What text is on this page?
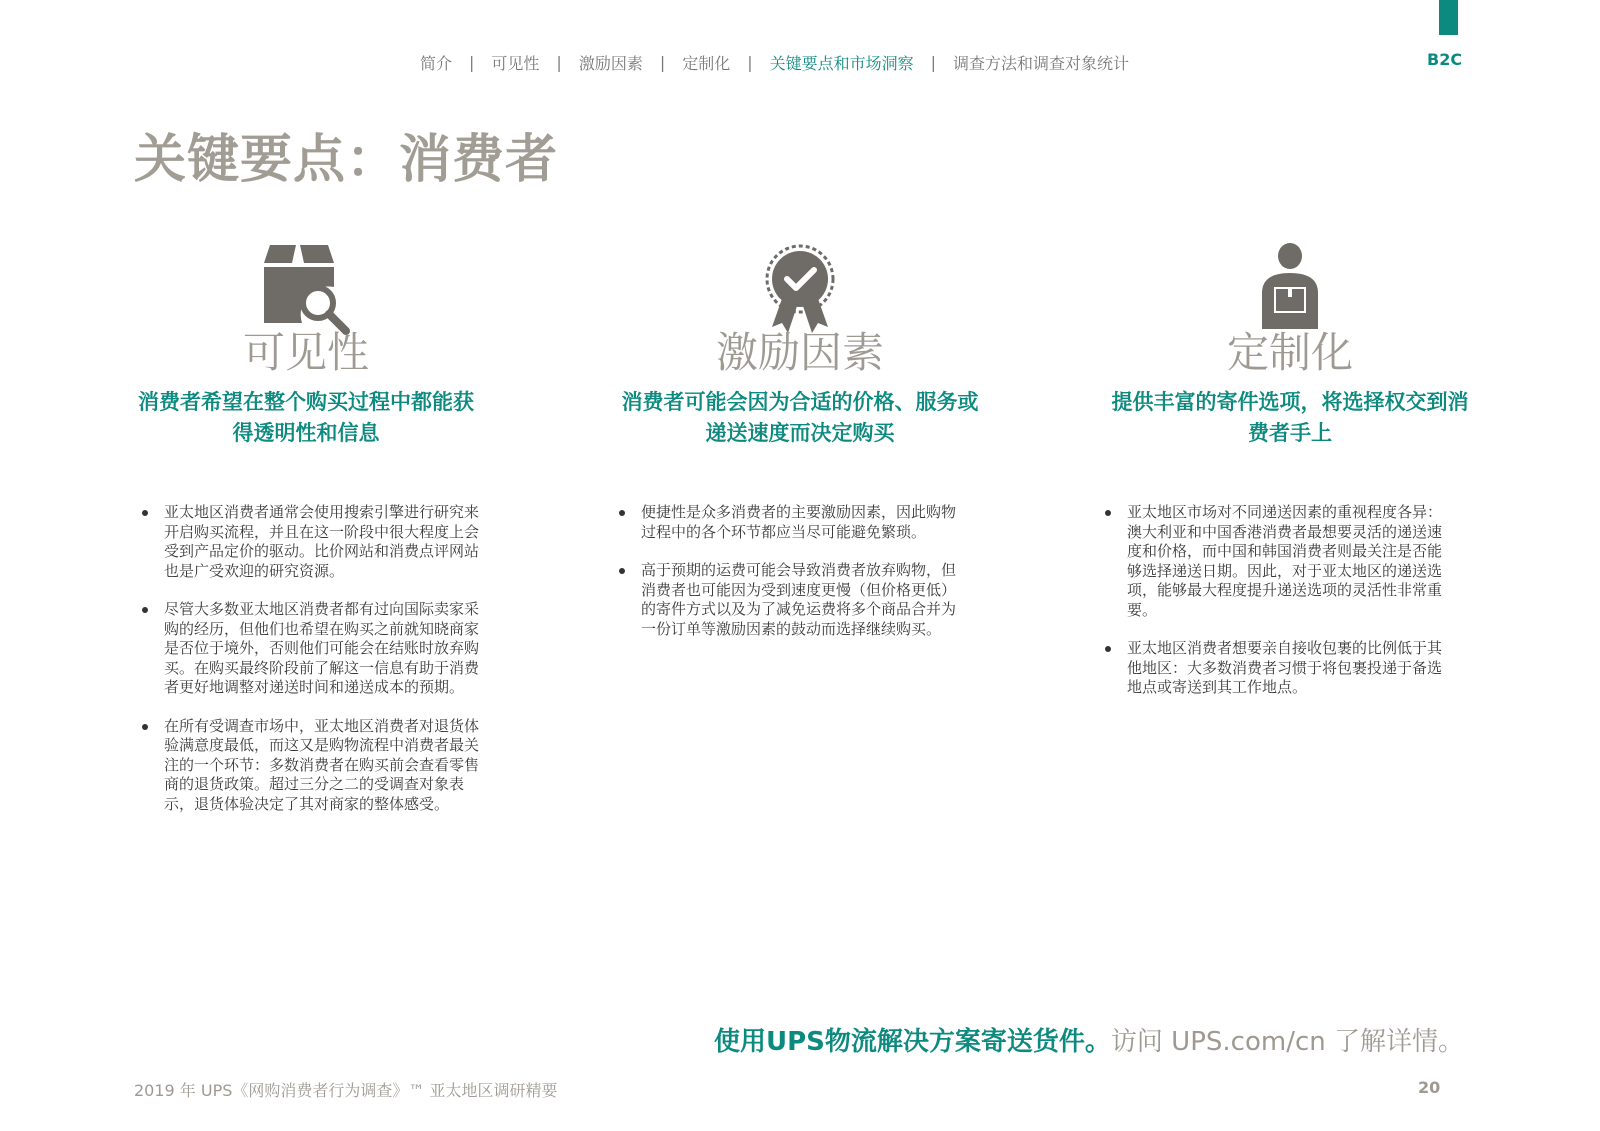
简介 | 可见性 | 激励因素 | 定制化 | 关键要点和市场洞察 | 调查方法和调查对象统计	B2C
关键要点：消费者
可见性
消费者希望在整个购买过程中都能获
得透明性和信息
亚太地区消费者通常会使用搜索引擎进行研究来开启购买流程，并且在这一阶段中很大程度上会受到产品定价的驱动。比价网站和消费点评网站也是广受欢迎的研究资源。
尽管大多数亚太地区消费者都有过向国际卖家采购的经历，但他们也希望在购买之前就知晓商家是否位于境外，否则他们可能会在结账时放弃购买。在购买最终阶段前了解这一信息有助于消费者更好地调整对递送时间和递送成本的预期。
在所有受调查市场中，亚太地区消费者对退货体验满意度最低，而这又是购物流程中消费者最关注的一个环节：多数消费者在购买前会查看零售商的退货政策。超过三分之二的受调查对象表示，退货体验决定了其对商家的整体感受。
激励因素
消费者可能会因为合适的价格、服务或
递送速度而决定购买
便捷性是众多消费者的主要激励因素，因此购物过程中的各个环节都应当尽可能避免繁琐。
高于预期的运费可能会导致消费者放弃购物，但消费者也可能因为受到速度更慢（但价格更低）的寄件方式以及为了减免运费将多个商品合并为一份订单等激励因素的鼓动而选择继续购买。
定制化
提供丰富的寄件选项，将选择权交到消
费者手上
亚太地区市场对不同递送因素的重视程度各异：澳大利亚和中国香港消费者最想要灵活的递送速度和价格，而中国和韩国消费者则最关注是否能够选择递送日期。因此，对于亚太地区的递送选项，能够最大程度提升递送选项的灵活性非常重要。
亚太地区消费者想要亲自接收包裹的比例低于其他地区：大多数消费者习惯于将包裹投递于备选地点或寄送到其工作地点。
使用UPS物流解决方案寄送货件。访问 UPS.com/cn 了解详情。
2019 年 UPS《网购消费者行为调查》™ 亚太地区调研精要	20
